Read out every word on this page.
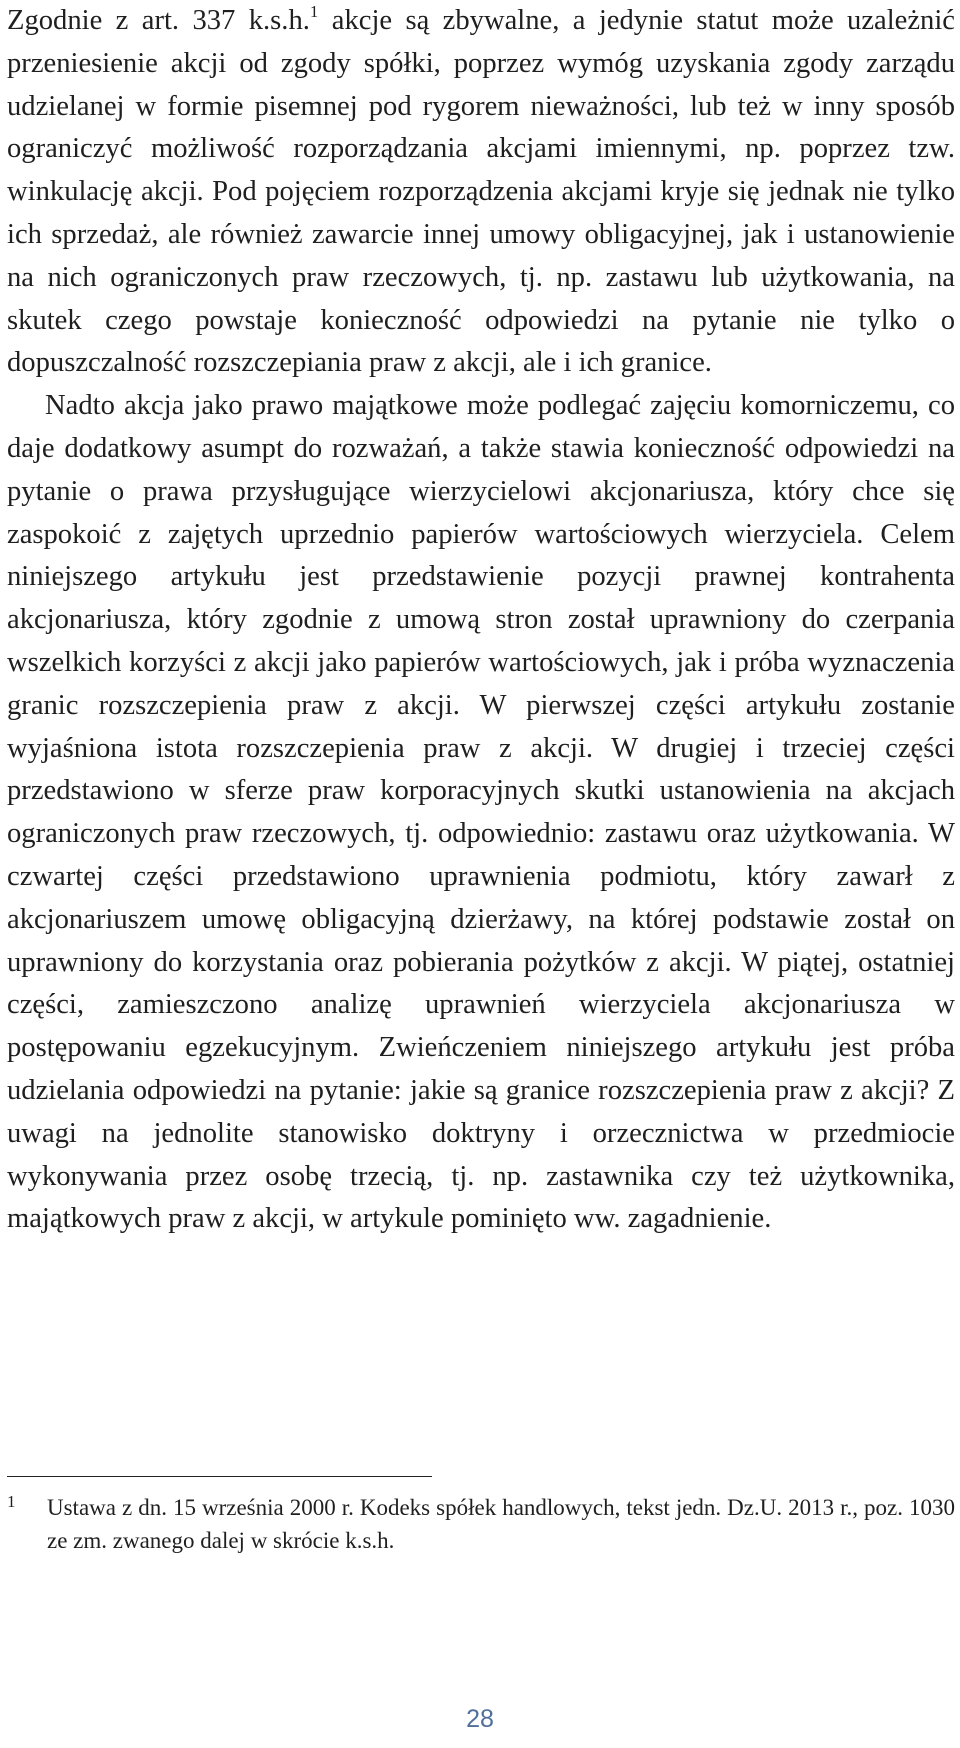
Zgodnie z art. 337 k.s.h.$^1$ akcje są zbywalne, a jedynie statut może uzależnić przeniesienie akcji od zgody spółki, poprzez wymóg uzyskania zgody zarządu udzielanej w formie pisemnej pod rygorem nieważności, lub też w inny sposób ograniczyć możliwość rozporządzania akcjami imiennymi, np. poprzez tzw. winkulację akcji. Pod pojęciem rozporządzenia akcjami kryje się jednak nie tylko ich sprzedaż, ale również zawarcie innej umowy obligacyjnej, jak i ustanowienie na nich ograniczonych praw rzeczowych, tj. np. zastawu lub użytkowania, na skutek czego powstaje konieczność odpowiedzi na pytanie nie tylko o dopuszczalność rozszczepiania praw z akcji, ale i ich granice.

Nadto akcja jako prawo majątkowe może podlegać zajęciu komorniczemu, co daje dodatkowy asumpt do rozważań, a także stawia konieczność odpowiedzi na pytanie o prawa przysługujące wierzycielowi akcjonariusza, który chce się zaspokoić z zajętych uprzednio papierów wartościowych wierzyciela. Celem niniejszego artykułu jest przedstawienie pozycji prawnej kontrahenta akcjonariusza, który zgodnie z umową stron został uprawniony do czerpania wszelkich korzyści z akcji jako papierów wartościowych, jak i próba wyznaczenia granic rozszczepienia praw z akcji. W pierwszej części artykułu zostanie wyjaśniona istota rozszczepienia praw z akcji. W drugiej i trzeciej części przedstawiono w sferze praw korporacyjnych skutki ustanowienia na akcjach ograniczonych praw rzeczowych, tj. odpowiednio: zastawu oraz użytkowania. W czwartej części przedstawiono uprawnienia podmiotu, który zawarł z akcjonariuszem umowę obligacyjną dzierżawy, na której podstawie został on uprawniony do korzystania oraz pobierania pożytków z akcji. W piątej, ostatniej części, zamieszczono analizę uprawnień wierzyciela akcjonariusza w postępowaniu egzekucyjnym. Zwieńczeniem niniejszego artykułu jest próba udzielania odpowiedzi na pytanie: jakie są granice rozszczepienia praw z akcji? Z uwagi na jednolite stanowisko doktryny i orzecznictwa w przedmiocie wykonywania przez osobę trzecią, tj. np. zastawnika czy też użytkownika, majątkowych praw z akcji, w artykule pominięto ww. zagadnienie.

1 Ustawa z dn. 15 września 2000 r. Kodeks spółek handlowych, tekst jedn. Dz.U. 2013 r., poz. 1030 ze zm. zwanego dalej w skrócie k.s.h.
28
